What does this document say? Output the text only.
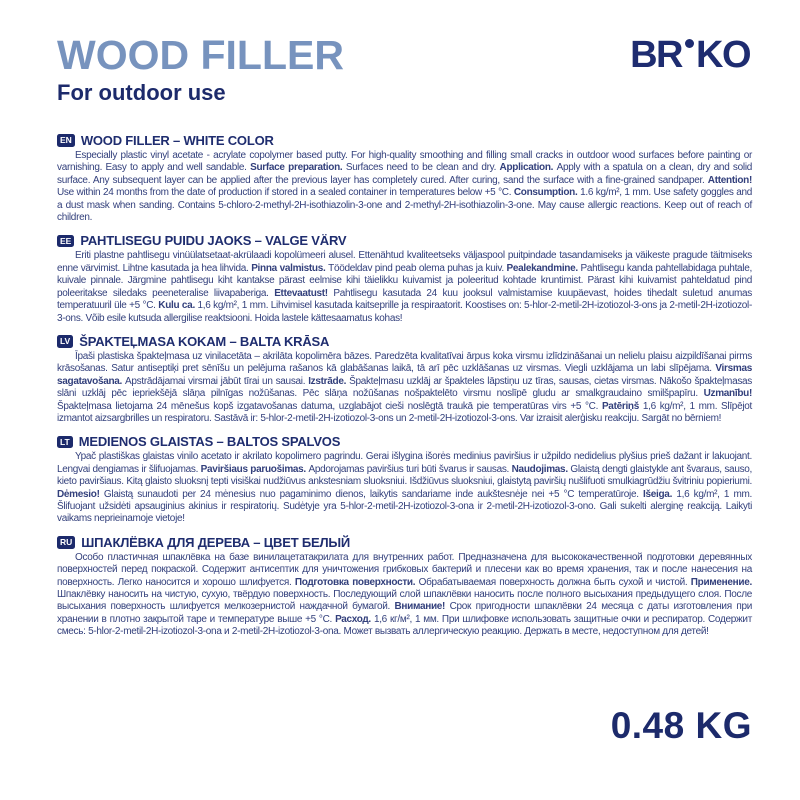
WOOD FILLER
For outdoor use
BR KO
EN WOOD FILLER – WHITE COLOR

Especially plastic vinyl acetate - acrylate copolymer based putty. For high-quality smoothing and filling small cracks in outdoor wood surfaces before painting or varnishing. Easy to apply and well sandable. Surface preparation. Surfaces need to be clean and dry. Application. Apply with a spatula on a clean, dry and solid surface. Any subsequent layer can be applied after the previous layer has completely cured. After curing, sand the surface with a fine-grained sandpaper. Attention! Use within 24 months from the date of production if stored in a sealed container in temperatures below +5 °C. Consumption. 1.6 kg/m², 1 mm. Use safety goggles and a dust mask when sanding. Contains 5-chloro-2-methyl-2H-isothiazolin-3-one and 2-methyl-2H-isothiazolin-3-one. May cause allergic reactions. Keep out of reach of children.

EE PAHTLISEGU PUIDU JAOKS – VALGE VÄRV

Eriti plastne pahtlisegu vinüülatsetaat-akrülaadi kopolümeeri alusel. Ettenähtud kvaliteetseks väljaspool puitpindade tasandamiseks ja väikeste pragude täitmiseks enne värvimist. Lihtne kasutada ja hea lihvida. Pinna valmistus. Töödeldav pind peab olema puhas ja kuiv. Pealekandmine. Pahtlisegu kanda pahtellabidaga puhtale, kuivale pinnale. Järgmine pahtlisegu kiht kantakse pärast eelmise kihi täielikku kuivamist ja poleeritud kohtade kruntimist. Pärast kihi kuivamist pahteldatud pind poleeritakse siledaks peeneteralise liivapaberiga. Ettevaatust! Pahtlisegu kasutada 24 kuu jooksul valmistamise kuupäevast, hoides tihedalt suletud anumas temperatuuril üle +5 °C. Kulu ca. 1,6 kg/m², 1 mm. Lihvimisel kasutada kaitseprille ja respiraatorit. Koostises on: 5-hlor-2-metil-2H-izotiozol-3-ons ja 2-metil-2H-izotiozol-3-ons. Võib esile kutsuda allergilise reaktsiooni. Hoida lastele kättesaamatus kohas!

LV ŠPAKTEĻMASA KOKAM – BALTA KRĀSA

Īpaši plastiska špakteļmasa uz vinilacetāta – akrilāta kopolimēra bāzes. Paredzēta kvalitatīvai ārpus koka virsmu izlīdzināšanai un nelielu plaisu aizpildīšanai pirms krāsošanas. Satur antiseptiķi pret sēnīšu un pelējuma rašanos kā glabāšanas laikā, tā arī pēc uzklāšanas uz virsmas. Viegli uzklājama un labi slīpējama. Virsmas sagatavošana. Apstrādājamai virsmai jābūt tīrai un sausai. Izstrāde. Špakteļmasu uzklāj ar špakteles lāpstiņu uz tīras, sausas, cietas virsmas. Nākošo špakteļmasas slāni uzklāj pēc iepriekšējā slāņa pilnīgas nožūšanas. Pēc slāņa nožūšanas nošpaktelēto virsmu noslīpē gludu ar smalkgraudaino smilšpapīru. Uzmanību! Špakteļmasa lietojama 24 mēnešus kopš izgatavošanas datuma, uzglabājot cieši noslēgtā traukā pie temperatūras virs +5 °C. Patēriņš 1,6 kg/m², 1 mm. Slīpējot izmantot aizsargbrilles un respiratoru. Sastāvā ir: 5-hlor-2-metil-2H-izotiozol-3-ons un 2-metil-2H-izotiozol-3-ons. Var izraisit alerģisku reakciju. Sargāt no bērniem!

LT MEDIENOS GLAISTAS – BALTOS SPALVOS

Ypač plastiškas glaistas vinilo acetato ir akrilato kopolimero pagrindu. Gerai išlygina išorės medinius paviršius ir užpildo nedidelius plyšius prieš dažant ir lakuojant. Lengvai dengiamas ir šlifuojamas. Paviršiaus paruošimas. Apdorojamas paviršius turi būti švarus ir sausas. Naudojimas. Glaistą dengti glaistykle ant švaraus, sauso, kieto paviršiaus. Kitą glaisto sluoksnį tepti visiškai nudžiūvus ankstesniam sluoksniui. Išdžiūvus sluoksniui, glaistytą paviršių nušlifuoti smulkiagrūdžiu švitriniu popieriumi. Dėmesio! Glaistą sunaudoti per 24 mėnesius nuo pagaminimo dienos, laikytis sandariame inde aukštesnėje nei +5 °C temperatūroje. Išeiga. 1,6 kg/m², 1 mm. Šlifuojant užsidėti apsauginius akinius ir respiratorių. Sudėtyje yra 5-hlor-2-metil-2H-izotiozol-3-ona ir 2-metil-2H-izotiozol-3-ono. Gali sukelti alerginę reakciją. Laikyti vaikams neprieinamoje vietoje!

RU ШПАКЛЁВКА ДЛЯ ДЕРЕВА – ЦВЕТ БЕЛЫЙ

Особо пластичная шпаклёвка на базе винилацетатакрилата для внутренних работ. Предназначена для высококачественной подготовки деревянных поверхностей перед покраской. Содержит антисептик для уничтожения грибковых бактерий и плесени как во время хранения, так и после нанесения на поверхность. Легко наносится и хорошо шлифуется. Подготовка поверхности. Обрабатываемая поверхность должна быть сухой и чистой. Применение. Шпаклёвку наносить на чистую, сухую, твёрдую поверхность. Последующий слой шпаклёвки наносить после полного высыхания предыдущего слоя. После высыхания поверхность шлифуется мелкозернистой наждачной бумагой. Внимание! Срок пригодности шпаклёвки 24 месяца с даты изготовления при хранении в плотно закрытой таре и температуре выше +5 °C. Расход. 1,6 кг/м², 1 мм. При шлифовке использовать защитные очки и респиратор. Содержит смесь: 5-hlor-2-metil-2H-izotiozol-3-ona и 2-metil-2H-izotiozol-3-ona. Может вызвать аллергическую реакцию. Держать в месте, недоступном для детей!

0.48 KG
